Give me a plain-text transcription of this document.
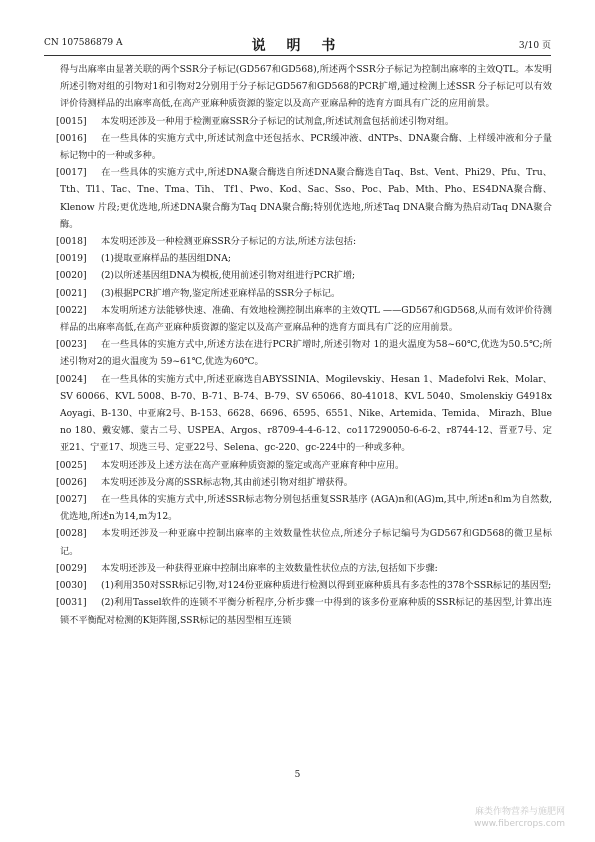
CN 107586879 A	说 明 书	3/10 页
得与出麻率由显著关联的两个SSR分子标记(GD567和GD568),所述两个SSR分子标记为控制出麻率的主效QTL。本发明所述引物对组的引物对1和引物对2分别用于分子标记GD567和GD568的PCR扩增,通过检测上述SSR 分子标记可以有效评价待测样品的出麻率高低,在高产亚麻种质资源的鉴定以及高产亚麻品种的选育方面具有广泛的应用前景。
[0015] 本发明还涉及一种用于检测亚麻SSR分子标记的试剂盒,所述试剂盒包括前述引物对组。
[0016] 在一些具体的实施方式中,所述试剂盒中还包括水、PCR缓冲液、dNTPs、DNA聚合酶、上样缓冲液和分子量标记物中的一种或多种。
[0017] 在一些具体的实施方式中,所述DNA聚合酶选自所述DNA聚合酶选自Taq、Bst、Vent、Phi29、Pfu、Tru、Tth、Tl1、Tac、Tne、Tma、Tih、 Tf1、Pwo、Kod、Sac、Sso、Poc、Pab、Mth、Pho、ES4DNA聚合酶、Klenow 片段;更优选地,所述DNA聚合酶为Taq DNA聚合酶;特别优选地,所述Taq DNA聚合酶为热启动Taq DNA聚合酶。
[0018] 本发明还涉及一种检测亚麻SSR分子标记的方法,所述方法包括:
[0019] (1)提取亚麻样品的基因组DNA;
[0020] (2)以所述基因组DNA为模板,使用前述引物对组进行PCR扩增;
[0021] (3)根据PCR扩增产物,鉴定所述亚麻样品的SSR分子标记。
[0022] 本发明所述方法能够快速、准确、有效地检测控制出麻率的主效QTL ——GD567和GD568,从而有效评价待测样品的出麻率高低,在高产亚麻种质资源的鉴定以及高产亚麻品种的选育方面具有广泛的应用前景。
[0023] 在一些具体的实施方式中,所述方法在进行PCR扩增时,所述引物对 1的退火温度为58~60℃,优选为50.5℃;所述引物对2的退火温度为 59~61℃,优选为60℃。
[0024] 在一些具体的实施方式中,所述亚麻选自ABYSSINIA、Mogilevskiy、Hesan 1、Madefolvi Rek、Molar、SV 60066、KVL 5008、B-70、B-71、B-74、B-79、SV 65066、80-41018、KVL 5040、Smolenskiy G4918x Aoyagi、B-130、中亚麻2号、B-153、6628、6696、6595、6551、Nike、Artemida、Temida、 Mirazh、Blue no 180、戴安娜、蒙古二号、USPEA、Argos、r8709-4-4-6-12、co117290050-6-6-2、r8744-12、晋亚7号、定亚21、宁亚17、坝选三号、定亚22号、Selena、gc-220、gc-224中的一种或多种。
[0025] 本发明还涉及上述方法在高产亚麻种质资源的鉴定或高产亚麻育种中应用。
[0026] 本发明还涉及分离的SSR标志物,其由前述引物对组扩增获得。
[0027] 在一些具体的实施方式中,所述SSR标志物分别包括重复SSR基序 (AGA)n和(AG)m,其中,所述n和m为自然数,优选地,所述n为14,m为12。
[0028] 本发明还涉及一种亚麻中控制出麻率的主效数量性状位点,所述分子标记编号为GD567和GD568的微卫星标记。
[0029] 本发明还涉及一种获得亚麻中控制出麻率的主效数量性状位点的方法,包括如下步骤:
[0030] (1)利用350对SSR标记引物,对124份亚麻种质进行检测以得到亚麻种质具有多态性的378个SSR标记的基因型;
[0031] (2)利用Tassel软件的连锁不平衡分析程序,分析步骤一中得到的该多份亚麻种质的SSR标记的基因型,计算出连锁不平衡配对检测的K矩阵图,SSR标记的基因型相互连锁
5
麻类作物营养与施肥网
www.fibercrops.com
